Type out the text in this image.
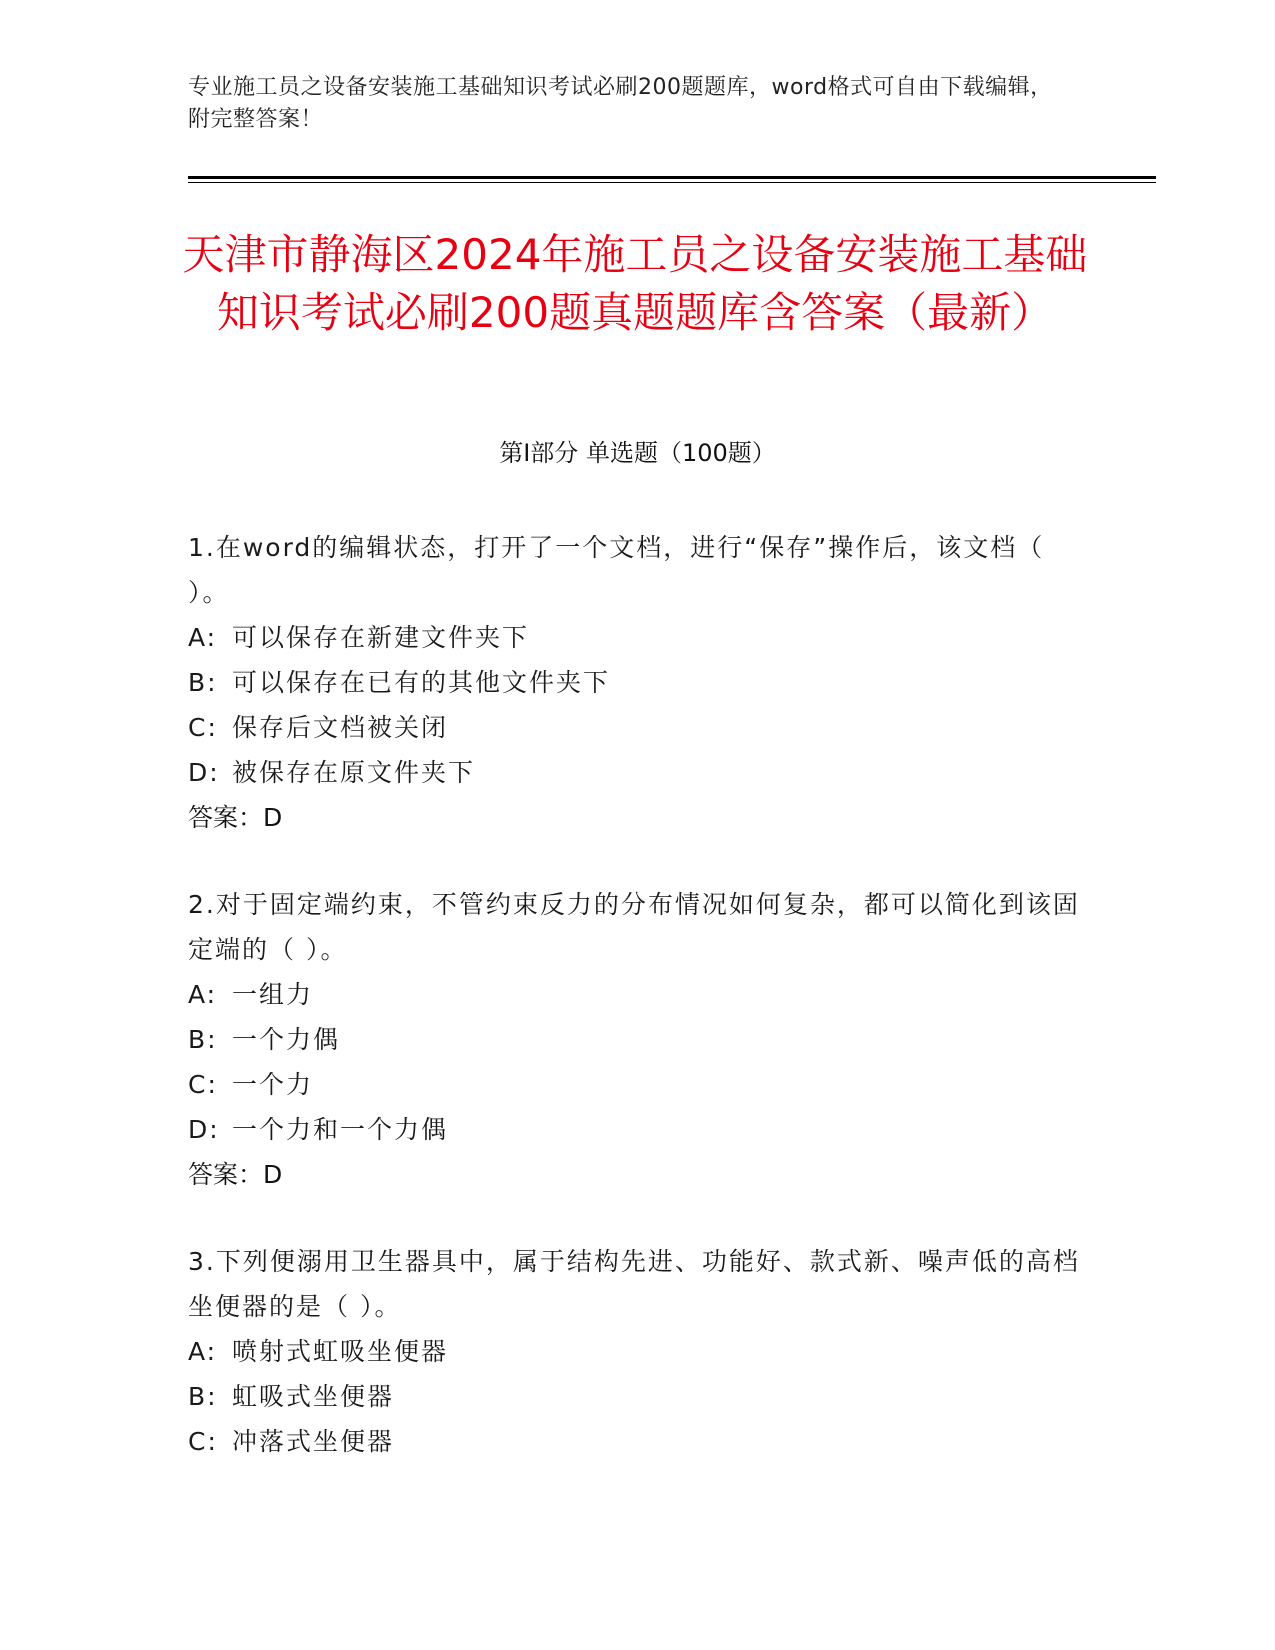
专业施工员之设备安装施工基础知识考试必刷200题题库，word格式可自由下载编辑，附完整答案！
天津市静海区2024年施工员之设备安装施工基础知识考试必刷200题真题题库含答案（最新）
第I部分 单选题（100题）
1.在word的编辑状态，打开了一个文档，进行“保存”操作后，该文档（ ）。
A: 可以保存在新建文件夹下
B: 可以保存在已有的其他文件夹下
C: 保存后文档被关闭
D: 被保存在原文件夹下
答案：D
2.对于固定端约束，不管约束反力的分布情况如何复杂，都可以简化到该固定端的（ ）。
A: 一组力
B: 一个力偶
C: 一个力
D: 一个力和一个力偶
答案：D
3.下列便溺用卫生器具中，属于结构先进、功能好、款式新、噪声低的高档坐便器的是（ ）。
A: 喷射式虹吸坐便器
B: 虹吸式坐便器
C: 冲落式坐便器
